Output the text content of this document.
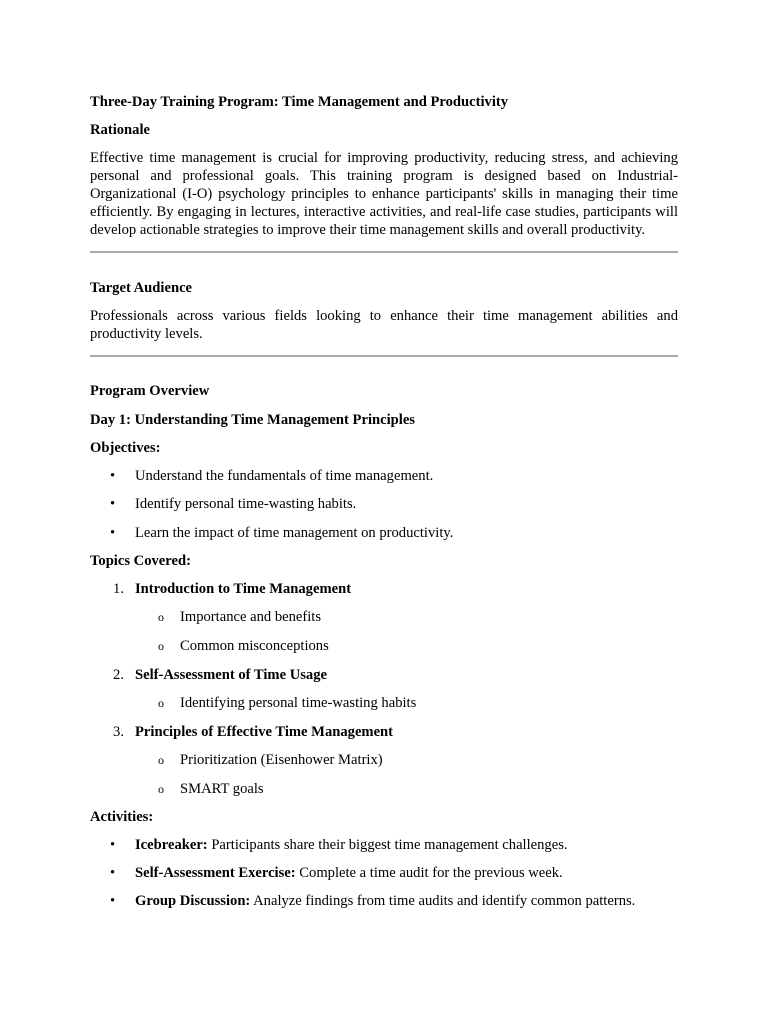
Three-Day Training Program: Time Management and Productivity

Rationale

Effective time management is crucial for improving productivity, reducing stress, and achieving personal and professional goals. This training program is designed based on Industrial-Organizational (I-O) psychology principles to enhance participants' skills in managing their time efficiently. By engaging in lectures, interactive activities, and real-life case studies, participants will develop actionable strategies to improve their time management skills and overall productivity.

Target Audience

Professionals across various fields looking to enhance their time management abilities and productivity levels.

Program Overview

Day 1: Understanding Time Management Principles

Objectives:

• Understand the fundamentals of time management.
• Identify personal time-wasting habits.
• Learn the impact of time management on productivity.

Topics Covered:

1. Introduction to Time Management
o Importance and benefits
o Common misconceptions
2. Self-Assessment of Time Usage
o Identifying personal time-wasting habits
3. Principles of Effective Time Management
o Prioritization (Eisenhower Matrix)
o SMART goals

Activities:

• Icebreaker: Participants share their biggest time management challenges.
• Self-Assessment Exercise: Complete a time audit for the previous week.
• Group Discussion: Analyze findings from time audits and identify common patterns.
